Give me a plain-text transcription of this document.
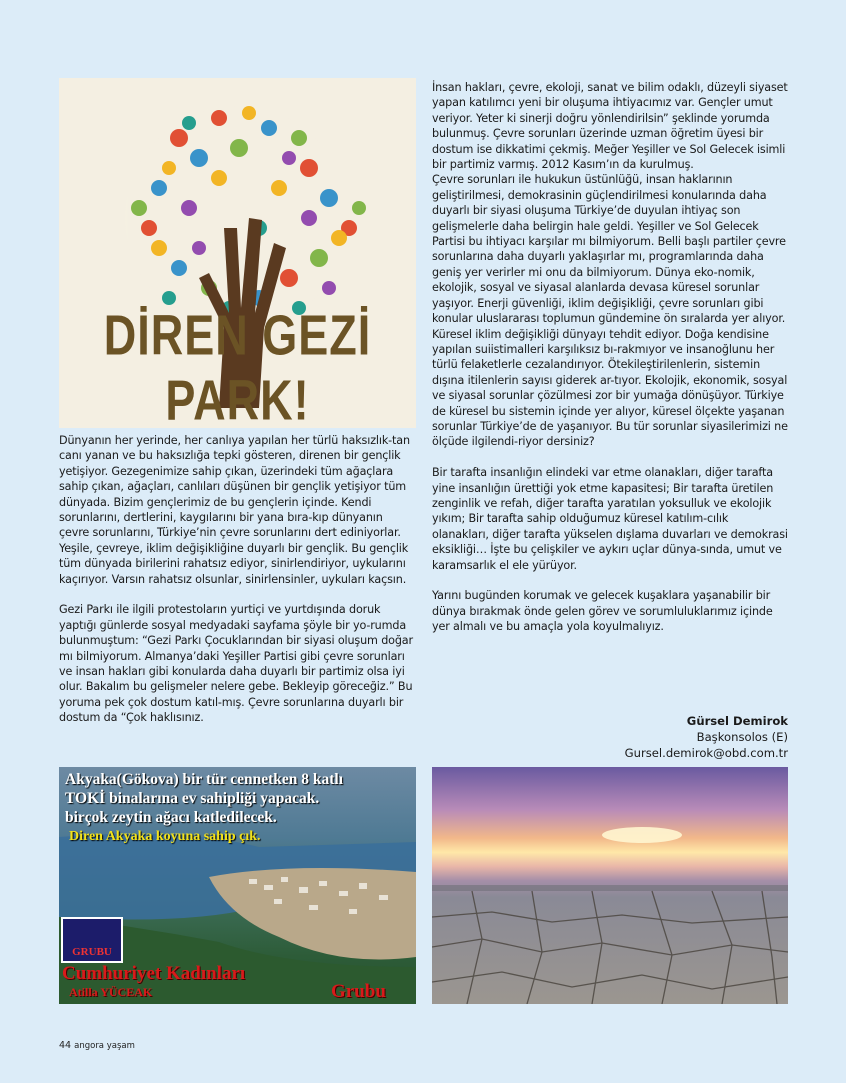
DİREN GEZİ PARK!

Dünyanın her yerinde, her canlıya yapılan her türlü haksızlık-tan canı yanan ve bu haksızlığa tepki gösteren, direnen bir gençlik yetişiyor. Gezegenimize sahip çıkan, üzerindeki tüm ağaçlara sahip çıkan, ağaçları, canlıları düşünen bir gençlik yetişiyor tüm dünyada. Bizim gençlerimiz de bu gençlerin içinde. Kendi sorunlarını, dertlerini, kaygılarını bir yana bıra-kıp dünyanın çevre sorunlarını, Türkiye’nin çevre sorunlarını dert ediniyorlar. Yeşile, çevreye, iklim değişikliğine duyarlı bir gençlik. Bu gençlik tüm dünyada birilerini rahatsız ediyor, sinirlendiriyor, uykularını kaçırıyor. Varsın rahatsız olsunlar, sinirlensinler, uykuları kaçsın.

Gezi Parkı ile ilgili protestoların yurtiçi ve yurtdışında doruk yaptığı günlerde sosyal medyadaki sayfama şöyle bir yo-rumda bulunmuştum: “Gezi Parkı Çocuklarından bir siyasi oluşum doğar mı bilmiyorum. Almanya’daki Yeşiller Partisi gibi çevre sorunları ve insan hakları gibi konularda daha duyarlı bir partimiz olsa iyi olur. Bakalım bu gelişmeler nelere gebe. Bekleyip göreceğiz.” Bu yoruma pek çok dostum katıl-mış. Çevre sorunlarına duyarlı bir dostum da “Çok haklısınız.

İnsan hakları, çevre, ekoloji, sanat ve bilim odaklı, düzeyli siyaset yapan katılımcı yeni bir oluşuma ihtiyacımız var. Gençler umut veriyor. Yeter ki sinerji doğru yönlendirilsin” şeklinde yorumda bulunmuş. Çevre sorunları üzerinde uzman öğretim üyesi bir dostum ise dikkatimi çekmiş. Meğer Yeşiller ve Sol Gelecek isimli bir partimiz varmış. 2012 Kasım’ın da kurulmuş.

Çevre sorunları ile hukukun üstünlüğü, insan haklarının geliştirilmesi, demokrasinin güçlendirilmesi konularında daha duyarlı bir siyasi oluşuma Türkiye’de duyulan ihtiyaç son gelişmelerle daha belirgin hale geldi. Yeşiller ve Sol Gelecek Partisi bu ihtiyacı karşılar mı bilmiyorum. Belli başlı partiler çevre sorunlarına daha duyarlı yaklaşırlar mı, programlarında daha geniş yer verirler mi onu da bilmiyorum. Dünya eko-nomik, ekolojik, sosyal ve siyasal alanlarda devasa küresel sorunlar yaşıyor. Enerji güvenliği, iklim değişikliği, çevre sorunları gibi konular uluslararası toplumun gündemine ön sıralarda yer alıyor. Küresel iklim değişikliği dünyayı tehdit ediyor. Doğa kendisine yapılan suiistimalleri karşılıksız bı-rakmıyor ve insanoğlunu her türlü felaketlerle cezalandırıyor. Ötekileştirilenlerin, sistemin dışına itilenlerin sayısı giderek ar-tıyor. Ekolojik, ekonomik, sosyal ve siyasal sorunlar çözülmesi zor bir yumağa dönüşüyor. Türkiye de küresel bu sistemin içinde yer alıyor, küresel ölçekte yaşanan sorunlar Türkiye’de de yaşanıyor. Bu tür sorunlar siyasilerimizi ne ölçüde ilgilendi-riyor dersiniz?

Bir tarafta insanlığın elindeki var etme olanakları, diğer tarafta yine insanlığın ürettiği yok etme kapasitesi; Bir tarafta üretilen zenginlik ve refah, diğer tarafta yaratılan yoksulluk ve ekolojik yıkım; Bir tarafta sahip olduğumuz küresel katılım-cılık olanakları, diğer tarafta yükselen dışlama duvarları ve demokrasi eksikliği… İşte bu çelişkiler ve aykırı uçlar dünya-sında, umut ve karamsarlık el ele yürüyor.

Yarını bugünden korumak ve gelecek kuşaklara yaşanabilir bir dünya bırakmak önde gelen görev ve sorumluluklarımız içinde yer almalı ve bu amaçla yola koyulmalıyız.

Gürsel Demirok
Başkonsolos (E)
Gursel.demirok@obd.com.tr
Akyaka(Gökova) bir tür cennetken 8 katlı
TOKİ binalarına ev sahipliği yapacak.
birçok zeytin ağacı katledilecek.
Diren Akyaka koyuna sahip çık.
GRUBU
Cumhuriyet Kadınları
Atilla YÜCEAK	Grubu
44 angora yaşam
